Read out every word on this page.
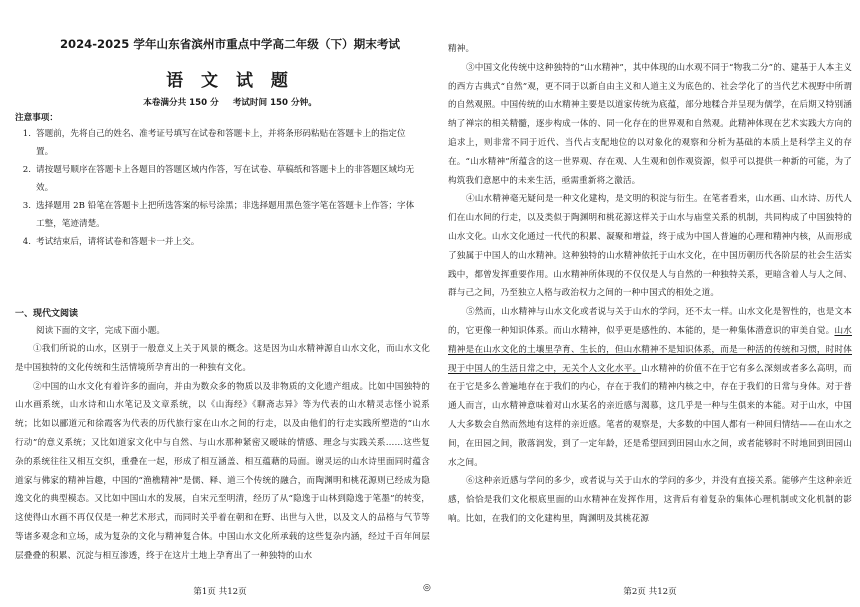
2024-2025 学年山东省滨州市重点中学高二年级（下）期末考试
语 文 试 题
本卷满分共 150 分 考试时间 150 分钟。
注意事项：
1. 答题前，先将自己的姓名、准考证号填写在试卷和答题卡上，并将条形码粘贴在答题卡上的指定位置。
2. 请按题号顺序在答题卡上各题目的答题区域内作答，写在试卷、草稿纸和答题卡上的非答题区域均无效。
3. 选择题用 2B 铅笔在答题卡上把所选答案的标号涂黑；非选择题用黑色签字笔在答题卡上作答；字体工整，笔迹清楚。
4. 考试结束后，请将试卷和答题卡一并上交。
一、现代文阅读
阅读下面的文字，完成下面小题。

①我们所说的山水，区别于一般意义上关于风景的概念。这是因为山水精神源自山水文化，而山水文化是中国独特的文化传统和生活情境所孕育出的一种独有文化。

②中国的山水文化有着许多的面向，并由为数众多的物质以及非物质的文化遗产组成。比如中国独特的山水画系统，山水诗和山水笔记及文章系统，以《山海经》《聊斋志异》等为代表的山水精灵志怪小说系统；比如以郦道元和徐霞客为代表的历代旅行家在山水之间的行走，以及由他们的行走实践所塑造的“山水行动”的意义系统；又比如道家文化中与自然、与山水那种紧密又暧昧的情感、理念与实践关系……这些复杂的系统往往又相互交织，重叠在一起，形成了相互涵盖、相互蕴藉的局面。谢灵运的山水诗里面同时蕴含道家与佛家的精神旨趣，中国的“渔樵精神”是儒、释、道三个传统的融合，而陶渊明和桃花源则已经成为隐逸文化的典型模态。又比如中国山水的发展，自宋元至明清，经历了从“隐逸于山林到隐逸于笔墨”的转变，这使得山水画不再仅仅是一种艺术形式，而同时关乎着在朝和在野、出世与入世，以及文人的品格与气节等等诸多观念和立场，成为复杂的文化与精神复合体。中国山水文化所承载的这些复杂内涵，经过千百年间层层叠叠的积累、沉淀与相互渗透，终于在这片土地上孕育出了一种独特的山水

第1页 共12页	◎

精神。

③中国文化传统中这种独特的“山水精神”，其中体现的山水观不同于“物我二分”的、建基于人本主义的西方古典式“自然”观，更不同于以新自由主义和人道主义为底色的、社会学化了的当代艺术视野中所谓的自然观照。中国传统的山水精神主要是以道家传统为底蕴，部分地糅合并呈现为儒学，在后期又特别涵纳了禅宗的相关精髓，逐步构成一体的、同一化存在的世界观和自然观。此精神体现在艺术实践大方向的追求上，则非常不同于近代、当代占支配地位的以对象化的观察和分析为基础的本质上是科学主义的存在。“山水精神”所蕴含的这一世界观、存在观、人生观和创作观资源，似乎可以提供一种新的可能，为了构筑我们意愿中的未来生活，亟需重新将之激活。

④山水精神毫无疑问是一种文化建构，是文明的积淀与衍生。在笔者看来，山水画、山水诗、历代人们在山水间的行走，以及类似于陶渊明和桃花源这样关于山水与庙堂关系的机制，共同构成了中国独特的山水文化。山水文化通过一代代的积累、凝聚和增益，终于成为中国人普遍的心理和精神内核，从而形成了独属于中国人的山水精神。这种独特的山水精神依托于山水文化，在中国历朝历代各阶层的社会生活实践中，都曾发挥重要作用。山水精神所体现的不仅仅是人与自然的一种独特关系，更暗含着人与人之间、群与己之间，乃至独立人格与政治权力之间的一种中国式的相处之道。

⑤然而，山水精神与山水文化或者说与关于山水的学问，还不太一样。山水文化是智性的，也是文本的，它更像一种知识体系。而山水精神，似乎更是感性的、本能的，是一种集体潜意识的审美自觉。山水精神是在山水文化的土壤里孕育、生长的，但山水精神不是知识体系，而是一种活的传统和习惯，时时体现于中国人的生活日常之中，无关个人文化水平。山水精神的价值不在于它有多么深刻或者多么高明，而在于它是多么普遍地存在于我们的内心，存在于我们的精神内核之中，存在于我们的日常与身体。对于普通人而言，山水精神意味着对山水某名的亲近感与渴慕，这几乎是一种与生俱来的本能。对于山水，中国人大多数会自然而然地有这样的亲近感。笔者的观察是，大多数的中国人都有一种回归情结——在山水之间，在田园之间，散落润发，到了一定年龄，还是希望回到田园山水之间，或者能够时不时地回到田园山水之间。

⑥这种亲近感与学问的多少，或者说与关于山水的学问的多少，并没有直接关系。能够产生这种亲近感，恰恰是我们文化根底里面的山水精神在发挥作用，这背后有着复杂的集体心理机制或文化机制的影响。比如，在我们的文化建构里，陶渊明及其桃花源

第2页 共12页
